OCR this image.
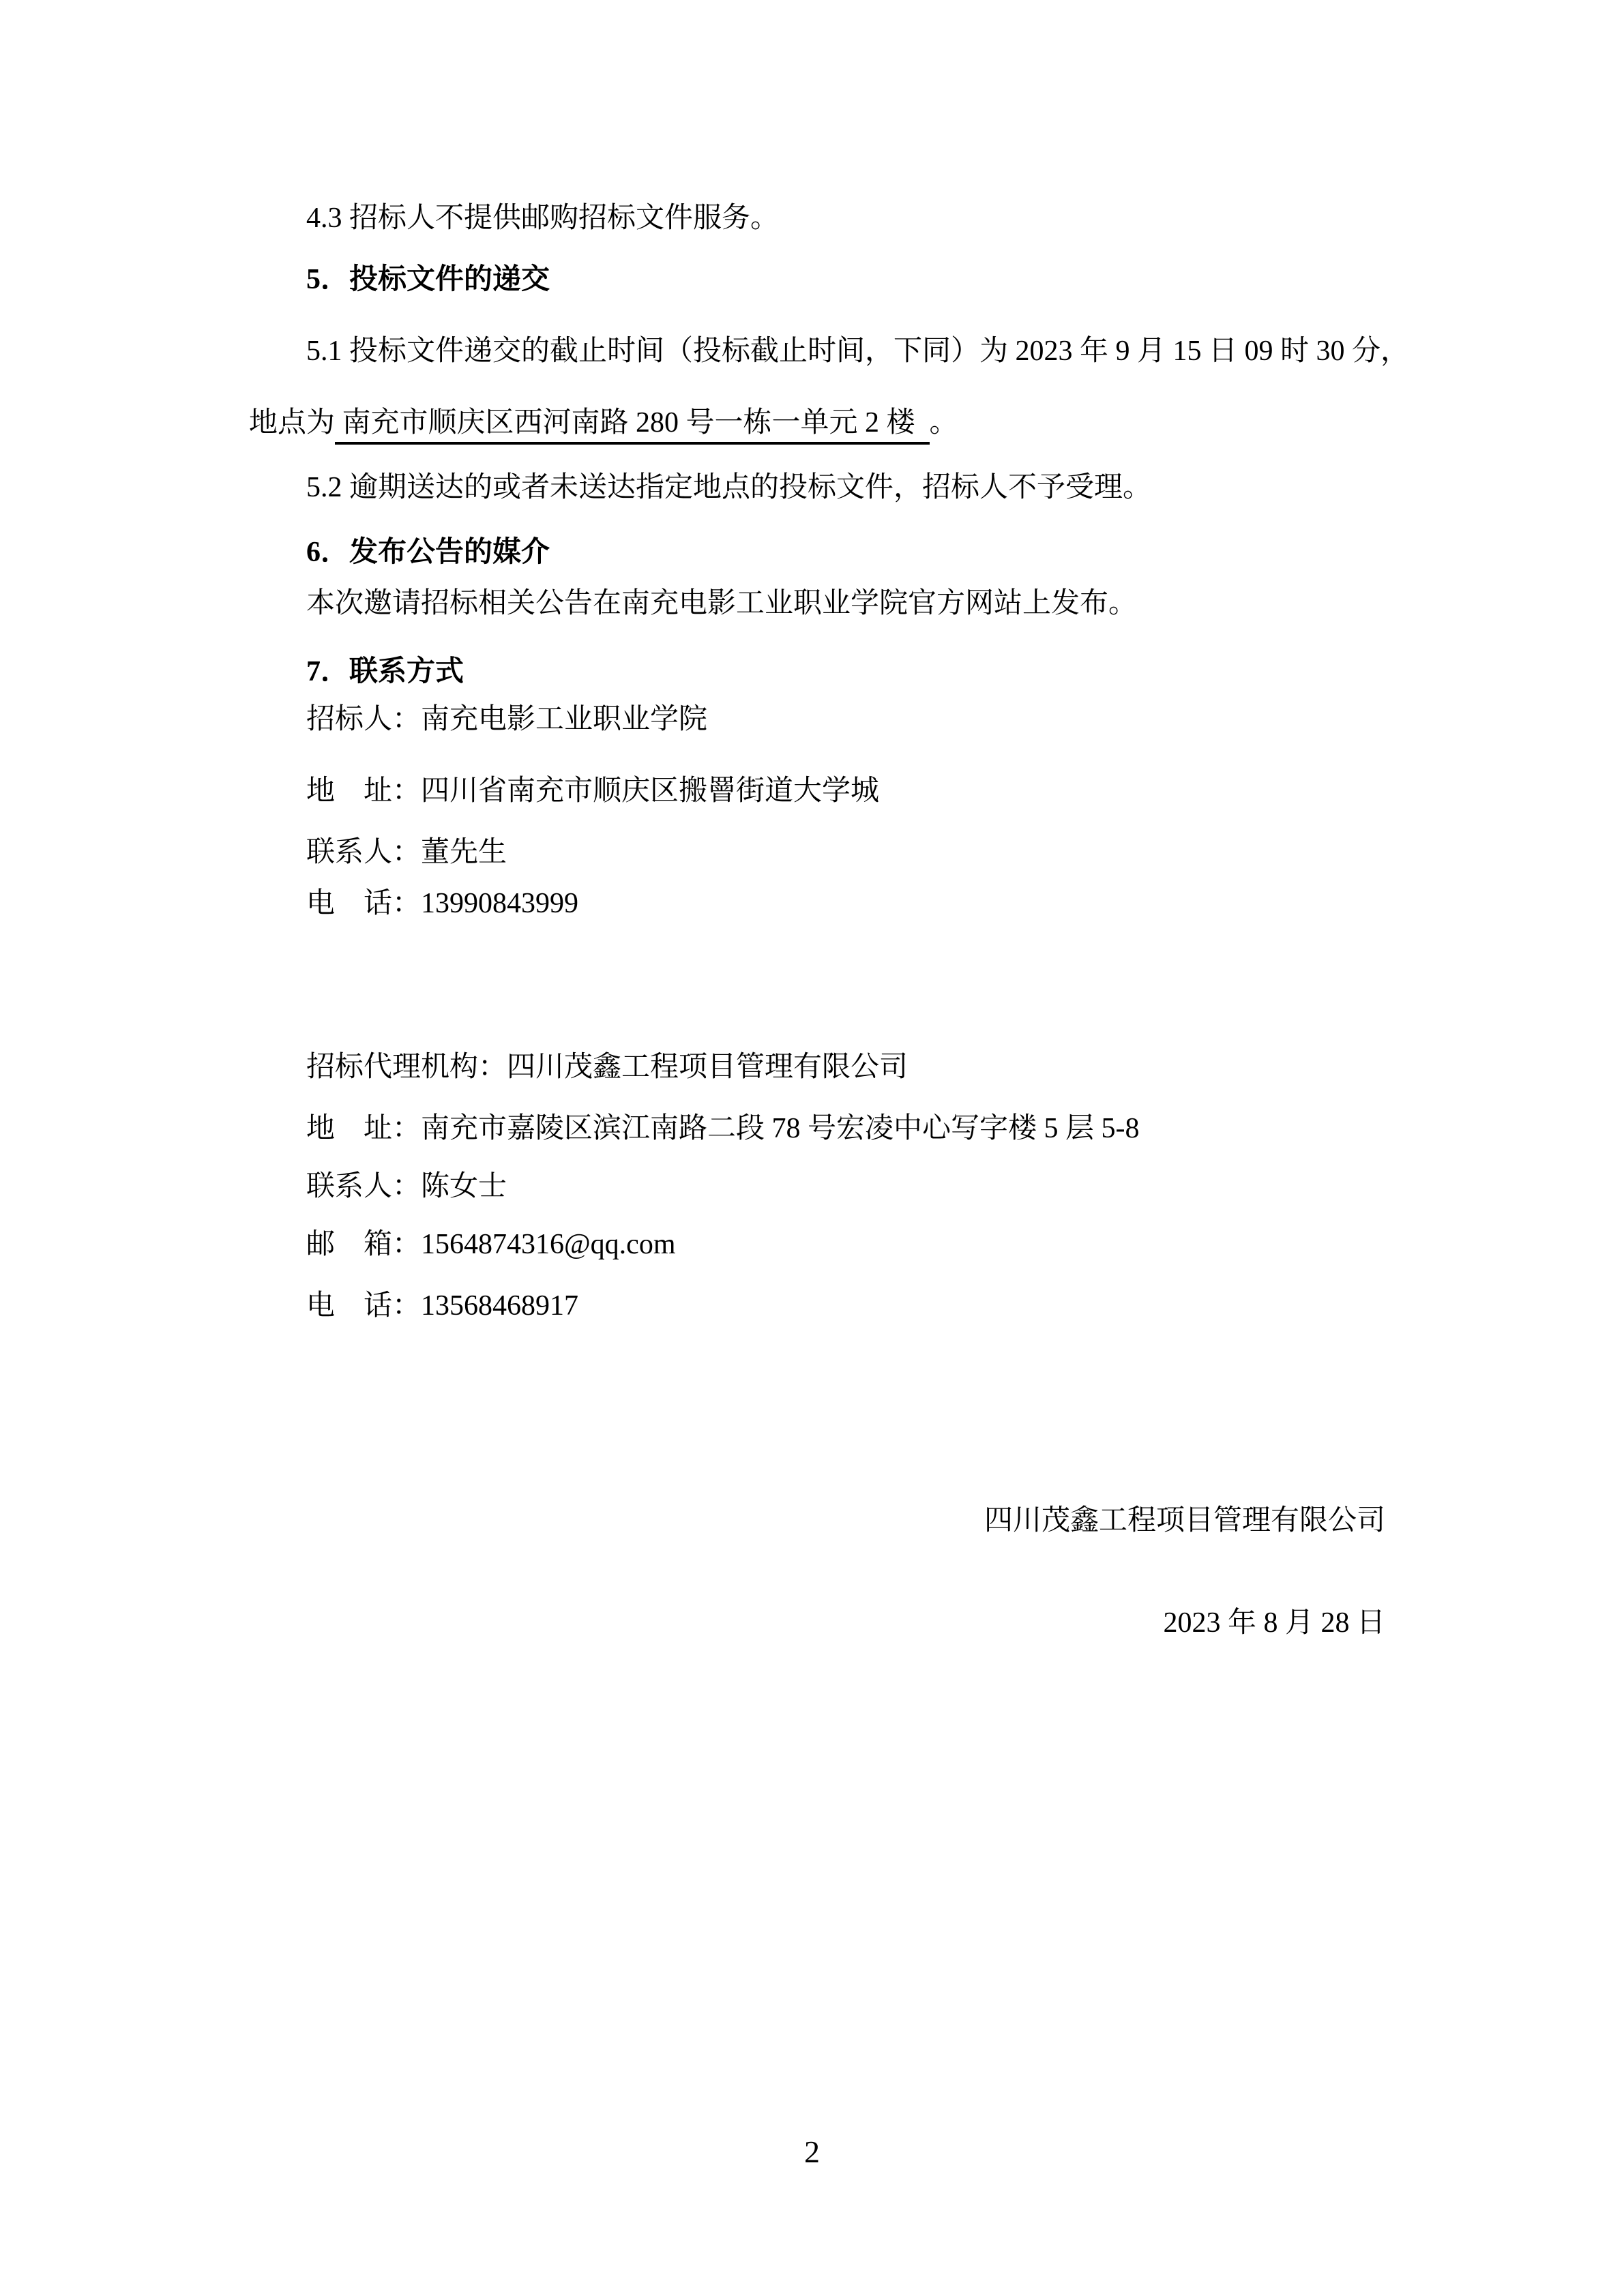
4.3 招标人不提供邮购招标文件服务。
5．投标文件的递交
5.1 投标文件递交的截止时间（投标截止时间，下同）为 2023 年 9 月 15 日 09 时 30 分，
地点为 南充市顺庆区西河南路 280 号一栋一单元 2 楼  。
5.2 逾期送达的或者未送达指定地点的投标文件，招标人不予受理。
6．发布公告的媒介
本次邀请招标相关公告在南充电影工业职业学院官方网站上发布。
7．联系方式
招标人：南充电影工业职业学院
地　址：四川省南充市顺庆区搬罾街道大学城
联系人：董先生
电　话：13990843999
招标代理机构：四川茂鑫工程项目管理有限公司
地　址：南充市嘉陵区滨江南路二段 78 号宏凌中心写字楼 5 层 5-8
联系人：陈女士
邮　箱：1564874316@qq.com
电　话：13568468917
四川茂鑫工程项目管理有限公司
2023 年 8 月 28 日
2
